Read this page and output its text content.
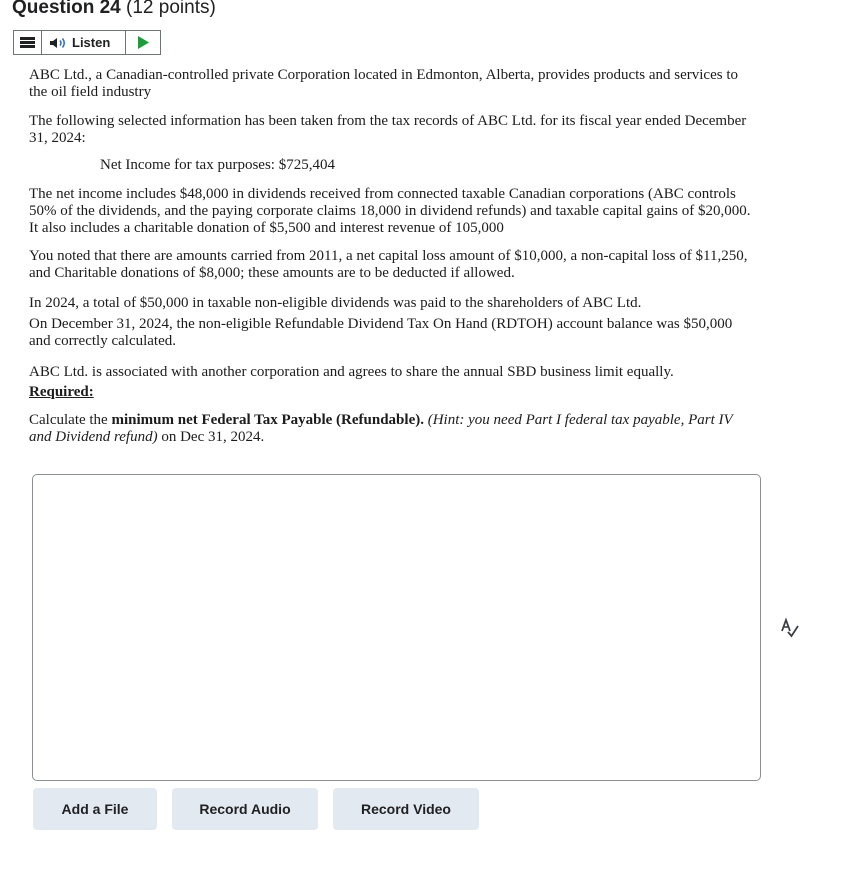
Question 24 (12 points)
Listen

ABC Ltd., a Canadian-controlled private Corporation located in Edmonton, Alberta, provides products and services to the oil field industry

The following selected information has been taken from the tax records of ABC Ltd. for its fiscal year ended December 31, 2024:

Net Income for tax purposes: $725,404

The net income includes $48,000 in dividends received from connected taxable Canadian corporations (ABC controls 50% of the dividends, and the paying corporate claims 18,000 in dividend refunds) and taxable capital gains of $20,000. It also includes a charitable donation of $5,500 and interest revenue of 105,000

You noted that there are amounts carried from 2011, a net capital loss amount of $10,000, a non-capital loss of $11,250, and Charitable donations of $8,000; these amounts are to be deducted if allowed.

In 2024, a total of $50,000 in taxable non-eligible dividends was paid to the shareholders of ABC Ltd.

On December 31, 2024, the non-eligible Refundable Dividend Tax On Hand (RDTOH) account balance was $50,000 and correctly calculated.

ABC Ltd. is associated with another corporation and agrees to share the annual SBD business limit equally.

Required:

Calculate the minimum net Federal Tax Payable (Refundable). (Hint: you need Part I federal tax payable, Part IV and Dividend refund) on Dec 31, 2024.

Add a File	Record Audio	Record Video
